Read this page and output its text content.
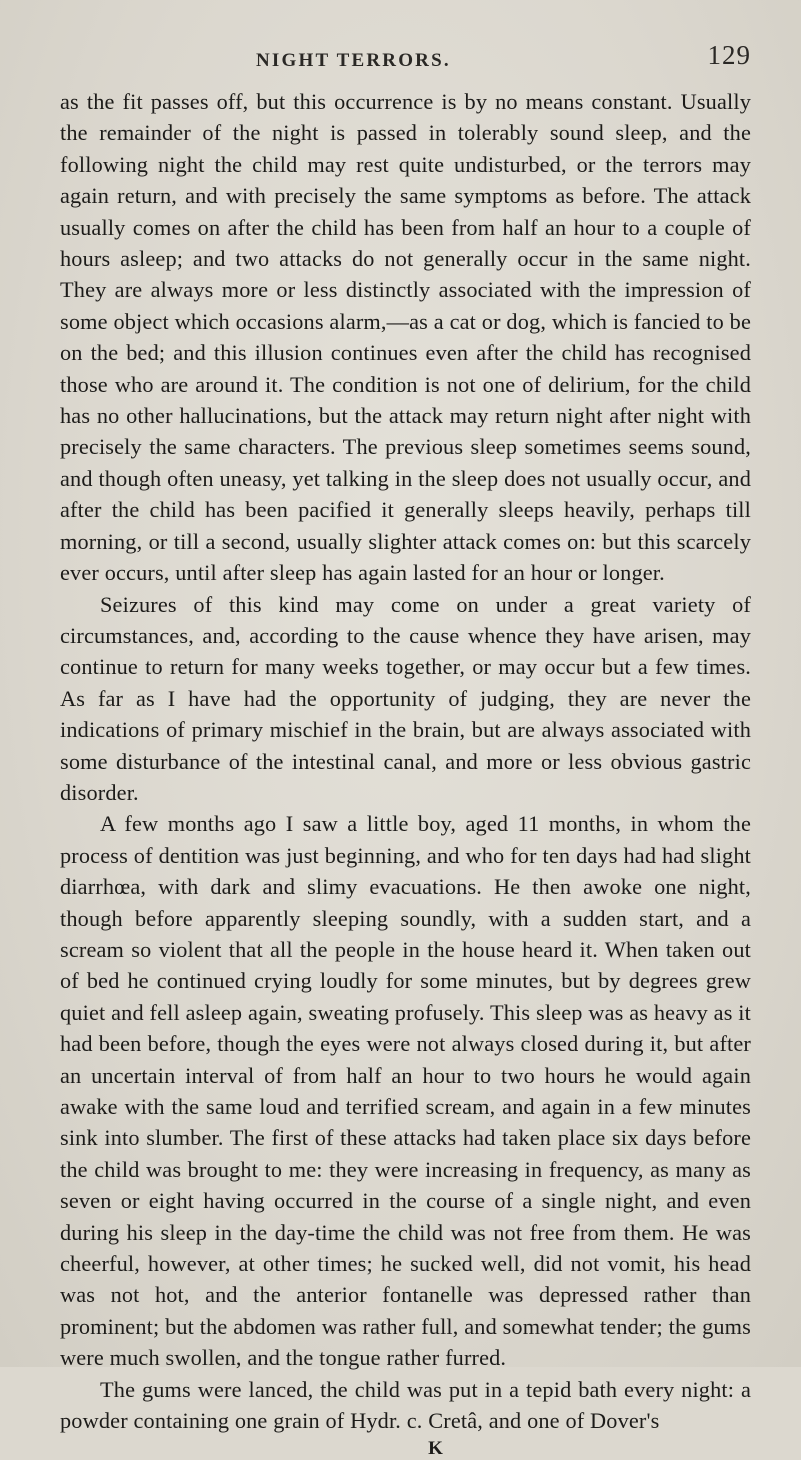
NIGHT TERRORS.	129

as the fit passes off, but this occurrence is by no means constant. Usually the remainder of the night is passed in tolerably sound sleep, and the following night the child may rest quite undisturbed, or the terrors may again return, and with precisely the same symptoms as before. The attack usually comes on after the child has been from half an hour to a couple of hours asleep; and two attacks do not generally occur in the same night. They are always more or less distinctly associated with the impression of some object which occasions alarm,—as a cat or dog, which is fancied to be on the bed; and this illusion continues even after the child has recognised those who are around it. The condition is not one of delirium, for the child has no other hallucinations, but the attack may return night after night with precisely the same characters. The previous sleep sometimes seems sound, and though often uneasy, yet talking in the sleep does not usually occur, and after the child has been pacified it generally sleeps heavily, perhaps till morning, or till a second, usually slighter attack comes on: but this scarcely ever occurs, until after sleep has again lasted for an hour or longer.

Seizures of this kind may come on under a great variety of circumstances, and, according to the cause whence they have arisen, may continue to return for many weeks together, or may occur but a few times. As far as I have had the opportunity of judging, they are never the indications of primary mischief in the brain, but are always associated with some disturbance of the intestinal canal, and more or less obvious gastric disorder.

A few months ago I saw a little boy, aged 11 months, in whom the process of dentition was just beginning, and who for ten days had had slight diarrhœa, with dark and slimy evacuations. He then awoke one night, though before apparently sleeping soundly, with a sudden start, and a scream so violent that all the people in the house heard it. When taken out of bed he continued crying loudly for some minutes, but by degrees grew quiet and fell asleep again, sweating profusely. This sleep was as heavy as it had been before, though the eyes were not always closed during it, but after an uncertain interval of from half an hour to two hours he would again awake with the same loud and terrified scream, and again in a few minutes sink into slumber. The first of these attacks had taken place six days before the child was brought to me: they were increasing in frequency, as many as seven or eight having occurred in the course of a single night, and even during his sleep in the day-time the child was not free from them. He was cheerful, however, at other times; he sucked well, did not vomit, his head was not hot, and the anterior fontanelle was depressed rather than prominent; but the abdomen was rather full, and somewhat tender; the gums were much swollen, and the tongue rather furred.

The gums were lanced, the child was put in a tepid bath every night: a powder containing one grain of Hydr. c. Cretâ, and one of Dover's

K
